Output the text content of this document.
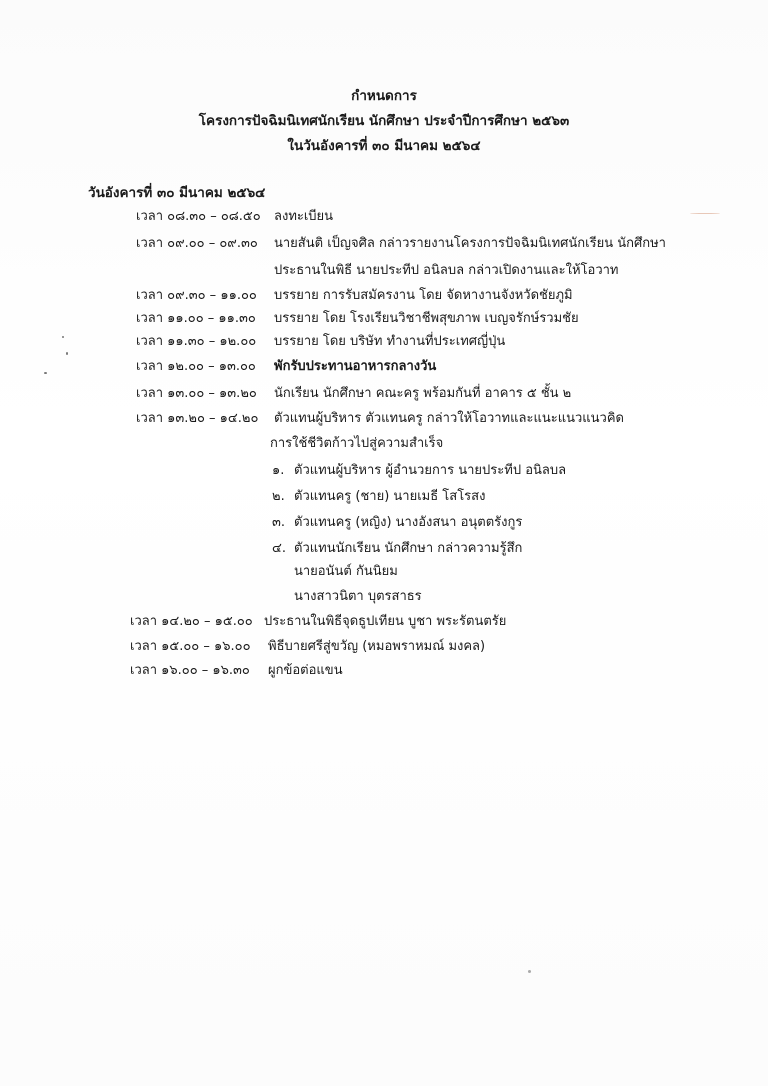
กำหนดการ
โครงการปัจฉิมนิเทศนักเรียน นักศึกษา ประจำปีการศึกษา ๒๕๖๓
ในวันอังคารที่ ๓๐ มีนาคม ๒๕๖๔
วันอังคารที่ ๓๐ มีนาคม ๒๕๖๔
เวลา ๐๘.๓๐ – ๐๘.๕๐ ลงทะเบียน
เวลา ๐๙.๐๐ – ๐๙.๓๐ นายสันติ เป็ญจศิล กล่าวรายงานโครงการปัจฉิมนิเทศนักเรียน นักศึกษา
ประธานในพิธี นายประทีป อนิลบล กล่าวเปิดงานและให้โอวาท
เวลา ๐๙.๓๐ – ๑๑.๐๐ บรรยาย การรับสมัครงาน โดย จัดหางานจังหวัดชัยภูมิ
เวลา ๑๑.๐๐ – ๑๑.๓๐ บรรยาย โดย โรงเรียนวิชาชีพสุขภาพ เบญจรักษ์รวมชัย
เวลา ๑๑.๓๐ – ๑๒.๐๐ บรรยาย โดย บริษัท ทำงานที่ประเทศญี่ปุ่น
เวลา ๑๒.๐๐ – ๑๓.๐๐ พักรับประทานอาหารกลางวัน
เวลา ๑๓.๐๐ – ๑๓.๒๐ นักเรียน นักศึกษา คณะครู พร้อมกันที่ อาคาร ๕ ชั้น ๒
เวลา ๑๓.๒๐ – ๑๔.๒๐ ตัวแทนผู้บริหาร ตัวแทนครู กล่าวให้โอวาทและแนะแนวแนวคิด
การใช้ชีวิตก้าวไปสู่ความสำเร็จ
๑. ตัวแทนผู้บริหาร ผู้อำนวยการ นายประทีป อนิลบล
๒. ตัวแทนครู (ชาย) นายเมธี โสโรสง
๓. ตัวแทนครู (หญิง) นางอังสนา อนุตตรังกูร
๔. ตัวแทนนักเรียน นักศึกษา กล่าวความรู้สึก
นายอนันต์ กันนิยม
นางสาวนิตา บุตรสาธร
เวลา ๑๔.๒๐ – ๑๕.๐๐ ประธานในพิธีจุดธูปเทียน บูชา พระรัตนตรัย
เวลา ๑๕.๐๐ – ๑๖.๐๐ พิธีบายศรีสู่ขวัญ (หมอพราหมณ์ มงคล)
เวลา ๑๖.๐๐ – ๑๖.๓๐ ผูกข้อต่อแขน
